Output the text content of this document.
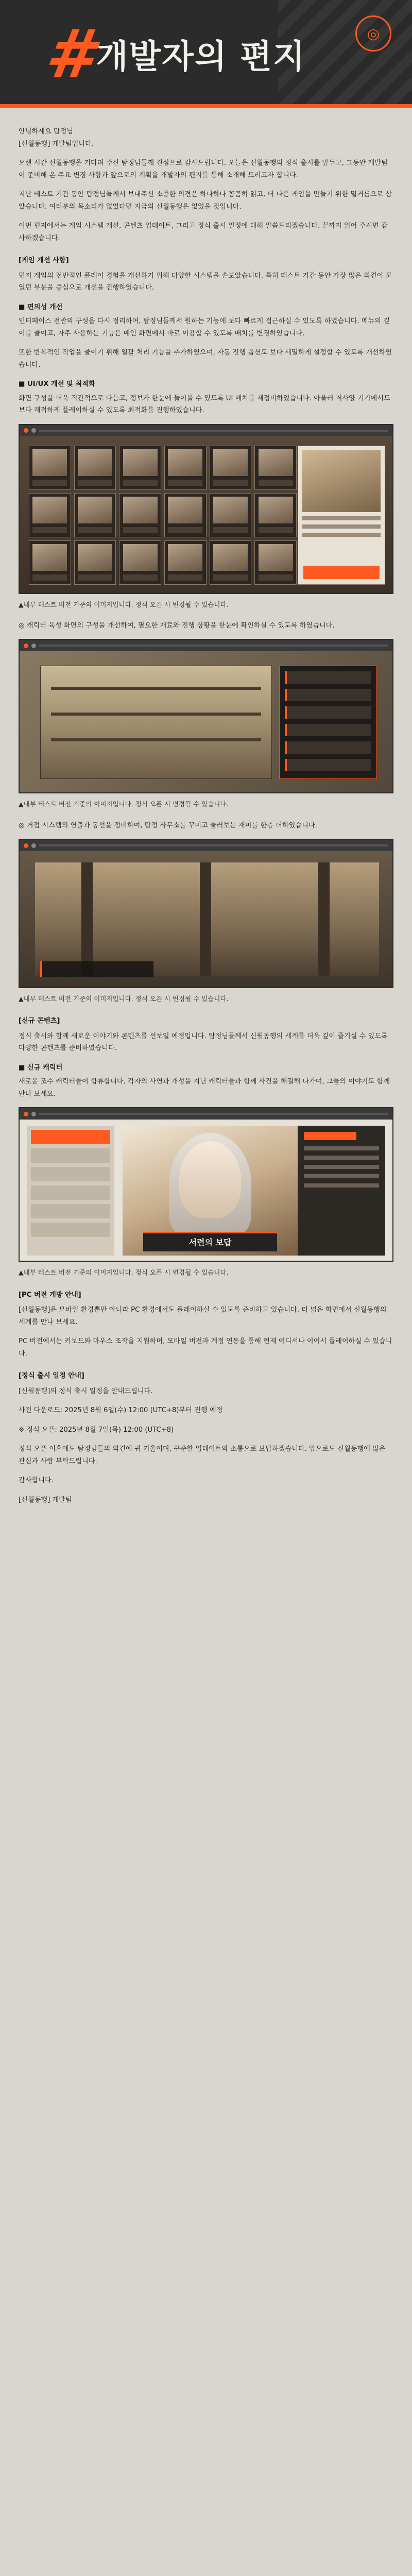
◎
#
개발자의 편지

안녕하세요 탐정님
[신월동행] 개발팀입니다.

오랜 시간 신월동행을 기다려 주신 탐정님들께 진심으로 감사드립니다. 오늘은 신월동행의 정식 출시를 앞두고, 그동안 개발팀이 준비해 온 주요 변경 사항과 앞으로의 계획을 개발자의 편지를 통해 소개해 드리고자 합니다.

지난 테스트 기간 동안 탐정님들께서 보내주신 소중한 의견은 하나하나 꼼꼼히 읽고, 더 나은 게임을 만들기 위한 밑거름으로 삼았습니다. 여러분의 목소리가 없었다면 지금의 신월동행은 없었을 것입니다.

이번 편지에서는 게임 시스템 개선, 콘텐츠 업데이트, 그리고 정식 출시 일정에 대해 말씀드리겠습니다. 끝까지 읽어 주시면 감사하겠습니다.

[게임 개선 사항]

먼저 게임의 전반적인 플레이 경험을 개선하기 위해 다양한 시스템을 손보았습니다. 특히 테스트 기간 동안 가장 많은 의견이 모였던 부분을 중심으로 개선을 진행하였습니다.

■ 편의성 개선

인터페이스 전반의 구성을 다시 정리하여, 탐정님들께서 원하는 기능에 보다 빠르게 접근하실 수 있도록 하였습니다. 메뉴의 깊이를 줄이고, 자주 사용하는 기능은 메인 화면에서 바로 이용할 수 있도록 배치를 변경하였습니다.

또한 반복적인 작업을 줄이기 위해 일괄 처리 기능을 추가하였으며, 자동 진행 옵션도 보다 세밀하게 설정할 수 있도록 개선하였습니다.

■ UI/UX 개선 및 최적화

화면 구성을 더욱 직관적으로 다듬고, 정보가 한눈에 들어올 수 있도록 UI 배치를 재정비하였습니다. 아울러 저사양 기기에서도 보다 쾌적하게 플레이하실 수 있도록 최적화를 진행하였습니다.

▲내부 테스트 버전 기준의 이미지입니다. 정식 오픈 시 변경될 수 있습니다.

◎ 캐릭터 육성 화면의 구성을 개선하여, 필요한 재료와 진행 상황을 한눈에 확인하실 수 있도록 하였습니다.

▲내부 테스트 버전 기준의 이미지입니다. 정식 오픈 시 변경될 수 있습니다.

◎ 거점 시스템의 연출과 동선을 정비하여, 탐정 사무소를 꾸미고 둘러보는 재미를 한층 더하였습니다.

▲내부 테스트 버전 기준의 이미지입니다. 정식 오픈 시 변경될 수 있습니다.
[신규 콘텐츠]

정식 출시와 함께 새로운 이야기와 콘텐츠를 선보일 예정입니다. 탐정님들께서 신월동행의 세계를 더욱 깊이 즐기실 수 있도록 다양한 콘텐츠를 준비하였습니다.

■ 신규 캐릭터

새로운 조수 캐릭터들이 합류합니다. 각자의 사연과 개성을 지닌 캐릭터들과 함께 사건을 해결해 나가며, 그들의 이야기도 함께 만나 보세요.

서련의 보답
▲내부 테스트 버전 기준의 이미지입니다. 정식 오픈 시 변경될 수 있습니다.
[PC 버전 개방 안내]

[신월동행]은 모바일 환경뿐만 아니라 PC 환경에서도 플레이하실 수 있도록 준비하고 있습니다. 더 넓은 화면에서 신월동행의 세계를 만나 보세요.

PC 버전에서는 키보드와 마우스 조작을 지원하며, 모바일 버전과 계정 연동을 통해 언제 어디서나 이어서 플레이하실 수 있습니다.

[정식 출시 일정 안내]

[신월동행]의 정식 출시 일정을 안내드립니다.

사전 다운로드: 2025년 8월 6일(수) 12:00 (UTC+8)부터 진행 예정

※ 정식 오픈: 2025년 8월 7일(목) 12:00 (UTC+8)

정식 오픈 이후에도 탐정님들의 의견에 귀 기울이며, 꾸준한 업데이트와 소통으로 보답하겠습니다. 앞으로도 신월동행에 많은 관심과 사랑 부탁드립니다.

감사합니다.

[신월동행] 개발팀
